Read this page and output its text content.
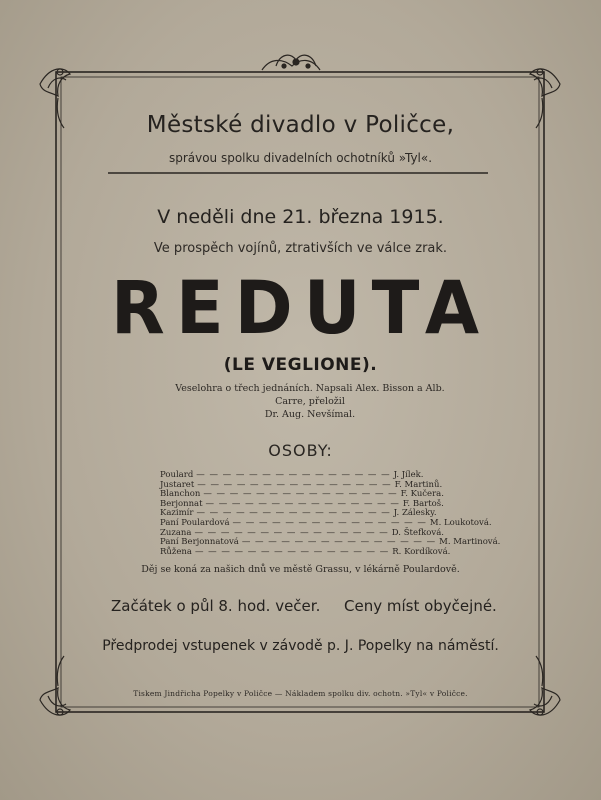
Městské divadlo v Poličce,
správou spolku divadelních ochotníků »Tyl«.
V neděli dne 21. března 1915.
Ve prospěch vojínů, ztrativších ve válce zrak.
REDUTA
(LE VEGLIONE).
Veselohra o třech jednáních. Napsali Alex. Bisson a Alb. Carre, přeložil
Dr. Aug. Nevšímal.
OSOBY:
Poulard — — — — — — — — — — — — — — — J. Jílek.
Justaret — — — — — — — — — — — — — — — F. Martinů.
Blanchon — — — — — — — — — — — — — — — F. Kučera.
Berjonnat — — — — — — — — — — — — — — — F. Bartoš.
Kazimír — — — — — — — — — — — — — — — J. Zálesky.
Paní Poulardová — — — — — — — — — — — — — — — M. Loukotová.
Zuzana — — — — — — — — — — — — — — — D. Štefková.
Paní Berjonnatová — — — — — — — — — — — — — — — M. Martinová.
Růžena — — — — — — — — — — — — — — — R. Kordíková.
Děj se koná za našich dnů ve městě Grassu, v lékárně Poulardově.
Začátek o půl 8. hod. večer. Ceny míst obyčejné.
Předprodej vstupenek v závodě p. J. Popelky na náměstí.
Tiskem Jindřicha Popelky v Poličce — Nákladem spolku div. ochotn. »Tyl« v Poličce.
